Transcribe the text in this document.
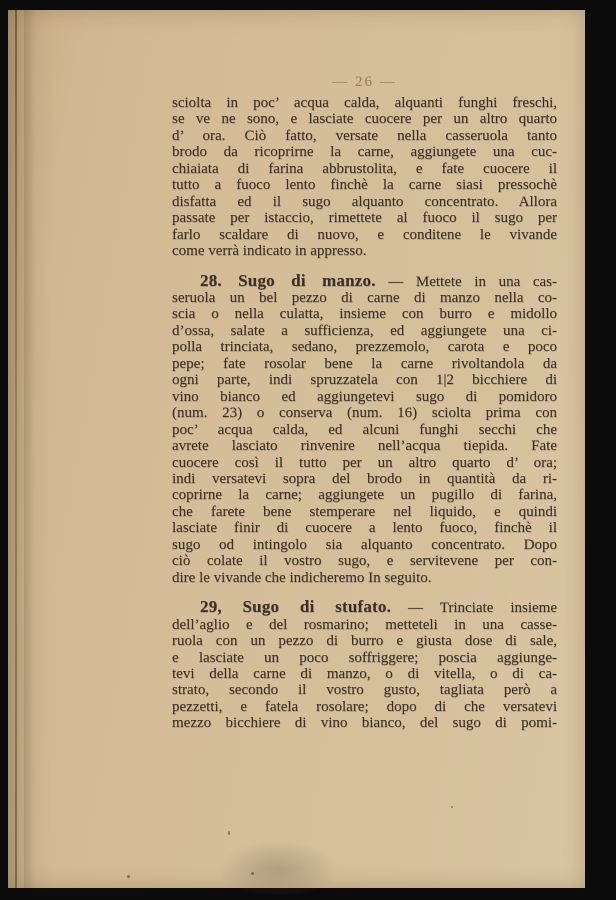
— 26 —
sciolta in poc’ acqua calda, alquanti funghi freschi,
se ve ne sono, e lasciate cuocere per un altro quarto
d’ ora. Ciò fatto, versate nella casseruola tanto
brodo da ricoprirne la carne, aggiungete una cuc-
chiaiata di farina abbrustolita, e fate cuocere il
tutto a fuoco lento finchè la carne siasi pressochè
disfatta ed il sugo alquanto concentrato. Allora
passate per istaccio, rimettete al fuoco il sugo per
farlo scaldare di nuovo, e conditene le vivande
come verrà indicato in appresso.
28. Sugo di manzo. — Mettete in una cas-
seruola un bel pezzo di carne di manzo nella co-
scia o nella culatta, insieme con burro e midollo
d’ossa, salate a sufficienza, ed aggiungete una ci-
polla trinciata, sedano, prezzemolo, carota e poco
pepe; fate rosolar bene la carne rivoltandola da
ogni parte, indi spruzzatela con 1|2 bicchiere di
vino bianco ed aggiungetevi sugo di pomidoro
(num. 23) o conserva (num. 16) sciolta prima con
poc’ acqua calda, ed alcuni funghi secchi che
avrete lasciato rinvenire nell’acqua tiepida. Fate
cuocere così il tutto per un altro quarto d’ ora;
indi versatevi sopra del brodo in quantità da ri-
coprirne la carne; aggiungete un pugillo di farina,
che farete bene stemperare nel liquido, e quindi
lasciate finir di cuocere a lento fuoco, finchè il
sugo od intingolo sia alquanto concentrato. Dopo
ciò colate il vostro sugo, e servitevene per con-
dire le vivande che indicheremo In seguito.
29, Sugo di stufato. — Trinciate insieme
dell’aglio e del rosmarino; metteteli in una casse-
ruola con un pezzo di burro e giusta dose di sale,
e lasciate un poco soffriggere; poscia aggiunge-
tevi della carne di manzo, o di vitella, o di ca-
strato, secondo il vostro gusto, tagliata però a
pezzetti, e fatela rosolare; dopo di che versatevi
mezzo bicchiere di vino bianco, del sugo di pomi-
